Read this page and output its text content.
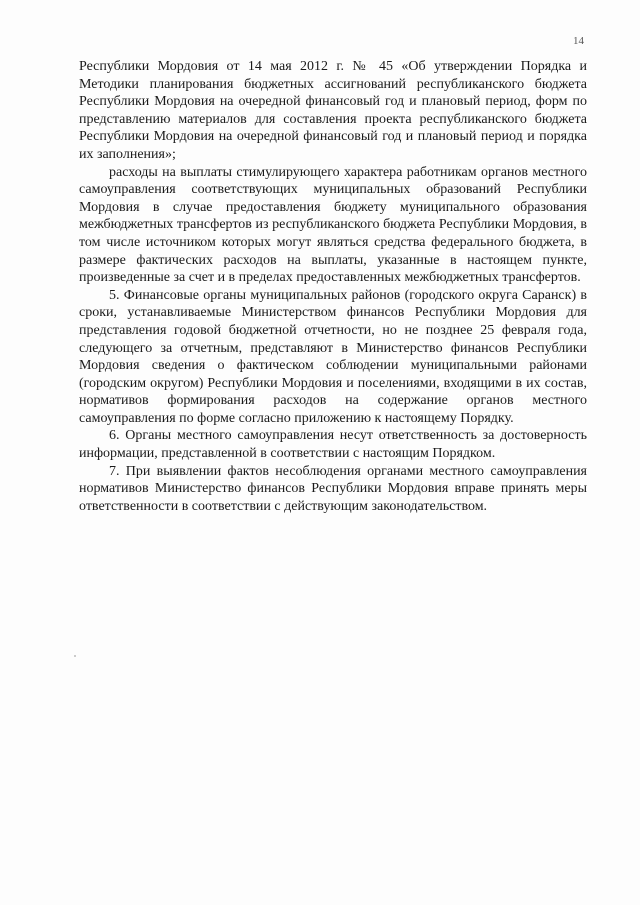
14

Республики Мордовия от 14 мая 2012 г. № 45 «Об утверждении Порядка и Методики планирования бюджетных ассигнований республиканского бюджета Республики Мордовия на очередной финансовый год и плановый период, форм по представлению материалов для составления проекта республиканского бюджета Республики Мордовия на очередной финансовый год и плановый период и порядка их заполнения»;

расходы на выплаты стимулирующего характера работникам органов местного самоуправления соответствующих муниципальных образований Республики Мордовия в случае предоставления бюджету муниципального образования межбюджетных трансфертов из республиканского бюджета Республики Мордовия, в том числе источником которых могут являться средства федерального бюджета, в размере фактических расходов на выплаты, указанные в настоящем пункте, произведенные за счет и в пределах предоставленных межбюджетных трансфертов.

5. Финансовые органы муниципальных районов (городского округа Саранск) в сроки, устанавливаемые Министерством финансов Республики Мордовия для представления годовой бюджетной отчетности, но не позднее 25 февраля года, следующего за отчетным, представляют в Министерство финансов Республики Мордовия сведения о фактическом соблюдении муниципальными районами (городским округом) Республики Мордовия и поселениями, входящими в их состав, нормативов формирования расходов на содержание органов местного самоуправления по форме согласно приложению к настоящему Порядку.

6. Органы местного самоуправления несут ответственность за достоверность информации, представленной в соответствии с настоящим Порядком.

7. При выявлении фактов несоблюдения органами местного самоуправления нормативов Министерство финансов Республики Мордовия вправе принять меры ответственности в соответствии с действующим законодательством.
